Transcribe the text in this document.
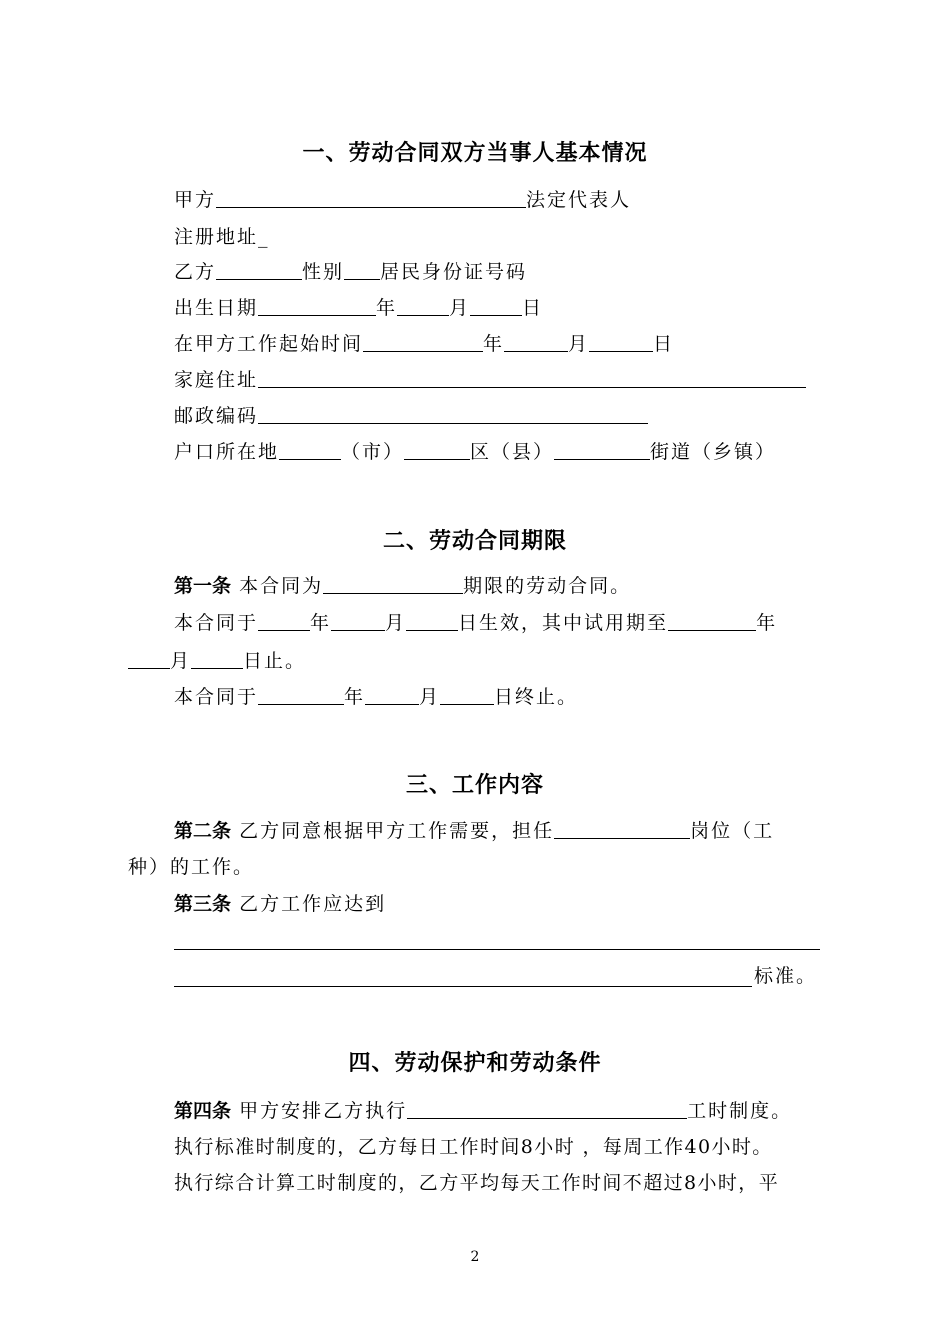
一、劳动合同双方当事人基本情况
甲方	法定代表人
注册地址_
乙方	性别 居民身份证号码
出生日期	年	月	日
在甲方工作起始时间	年	月	日
家庭住址
邮政编码
户口所在地	（市）	区（县）	街道（乡镇）
二、劳动合同期限
第一条 本合同为	期限的劳动合同。
本合同于	年	月	日生效，其中试用期至	年
月	日止。
本合同于	年	月	日终止。
三、工作内容
第二条 乙方同意根据甲方工作需要，担任	岗位（工
种）的工作。
第三条 乙方工作应达到
标准。
四、劳动保护和劳动条件
第四条 甲方安排乙方执行	工时制度。
执行标准时制度的，乙方每日工作时间8小时 ，每周工作40小时。
执行综合计算工时制度的，乙方平均每天工作时间不超过8小时，平
2
